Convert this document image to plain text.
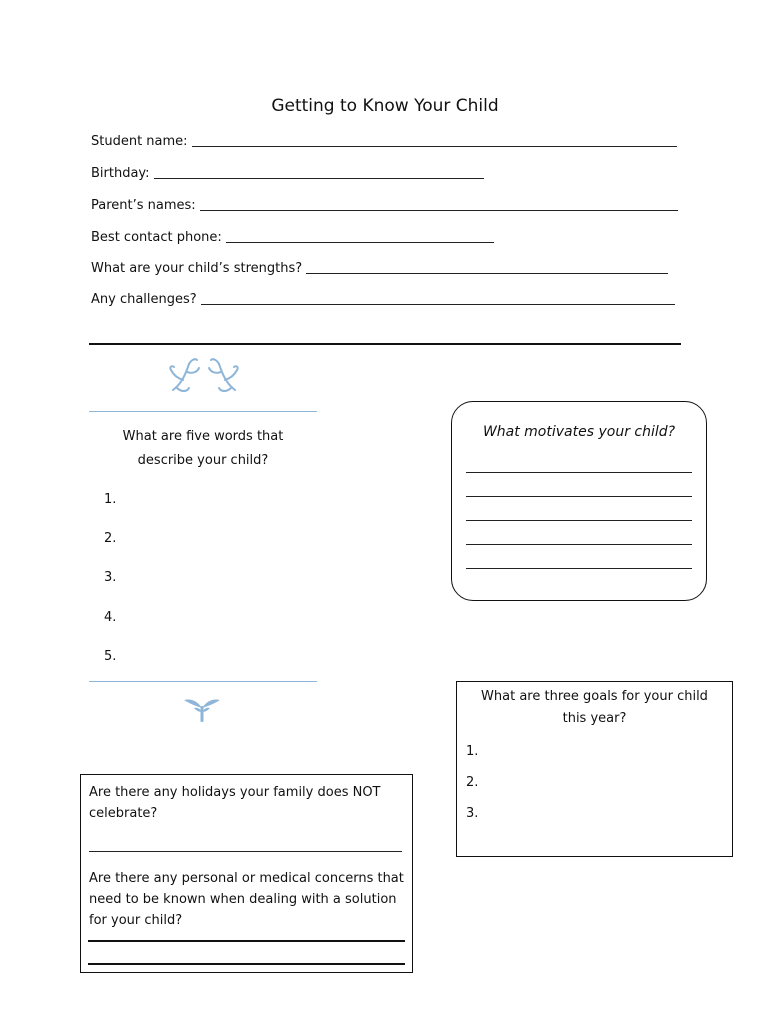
Getting to Know Your Child
Student name:
Birthday:
Parent’s names:
Best contact phone:
What are your child’s strengths?
Any challenges?
What are five words that
describe your child?
1.
2.
3.
4.
5.
What motivates your child?
What are three goals for your child
this year?
1.
2.
3.
Are there any holidays your family does NOT
celebrate?
Are there any personal or medical concerns that
need to be known when dealing with a solution
for your child?
